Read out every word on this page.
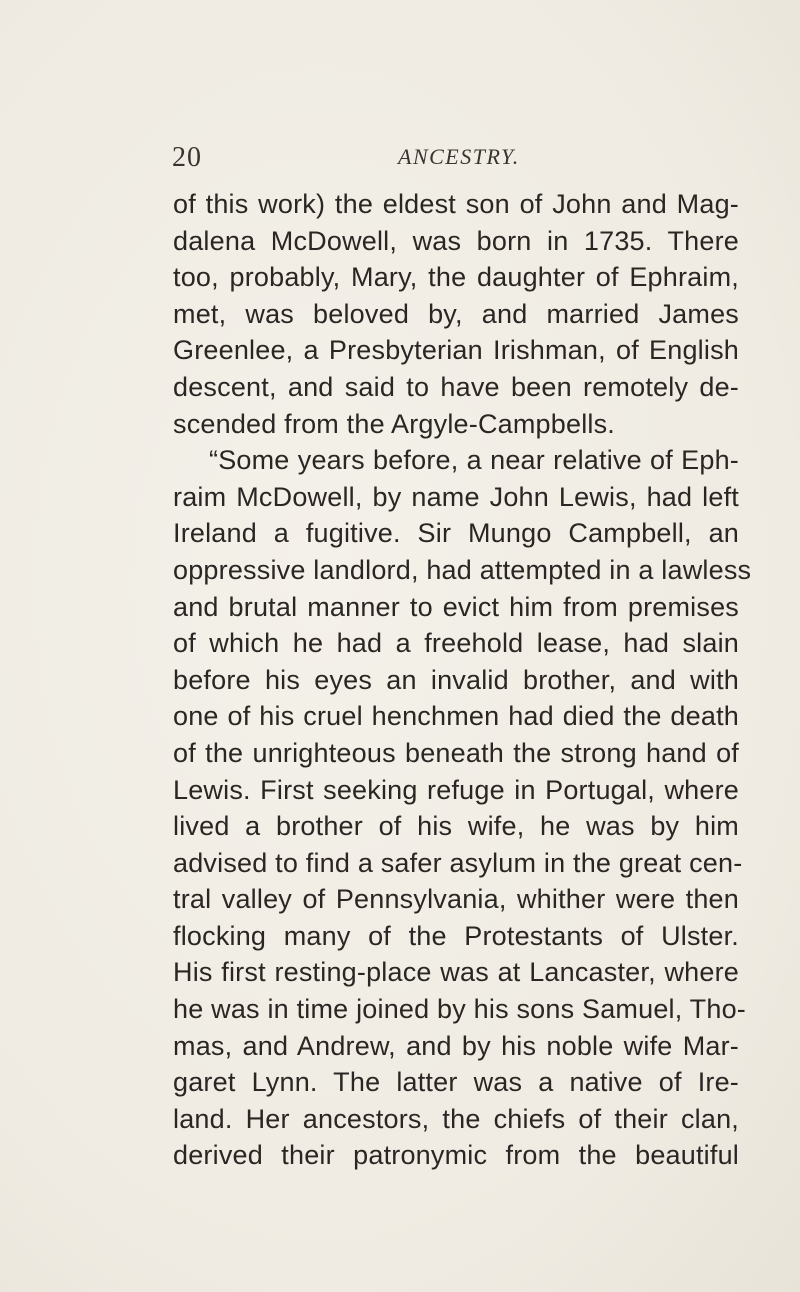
20	ANCESTRY.
of this work) the eldest son of John and Mag-
dalena McDowell, was born in 1735. There
too, probably, Mary, the daughter of Ephraim,
met, was beloved by, and married James
Greenlee, a Presbyterian Irishman, of English
descent, and said to have been remotely de-
scended from the Argyle-Campbells.
“Some years before, a near relative of Eph-
raim McDowell, by name John Lewis, had left
Ireland a fugitive. Sir Mungo Campbell, an
oppressive landlord, had attempted in a lawless
and brutal manner to evict him from premises
of which he had a freehold lease, had slain
before his eyes an invalid brother, and with
one of his cruel henchmen had died the death
of the unrighteous beneath the strong hand of
Lewis. First seeking refuge in Portugal, where
lived a brother of his wife, he was by him
advised to find a safer asylum in the great cen-
tral valley of Pennsylvania, whither were then
flocking many of the Protestants of Ulster.
His first resting-place was at Lancaster, where
he was in time joined by his sons Samuel, Tho-
mas, and Andrew, and by his noble wife Mar-
garet Lynn. The latter was a native of Ire-
land. Her ancestors, the chiefs of their clan,
derived their patronymic from the beautiful
